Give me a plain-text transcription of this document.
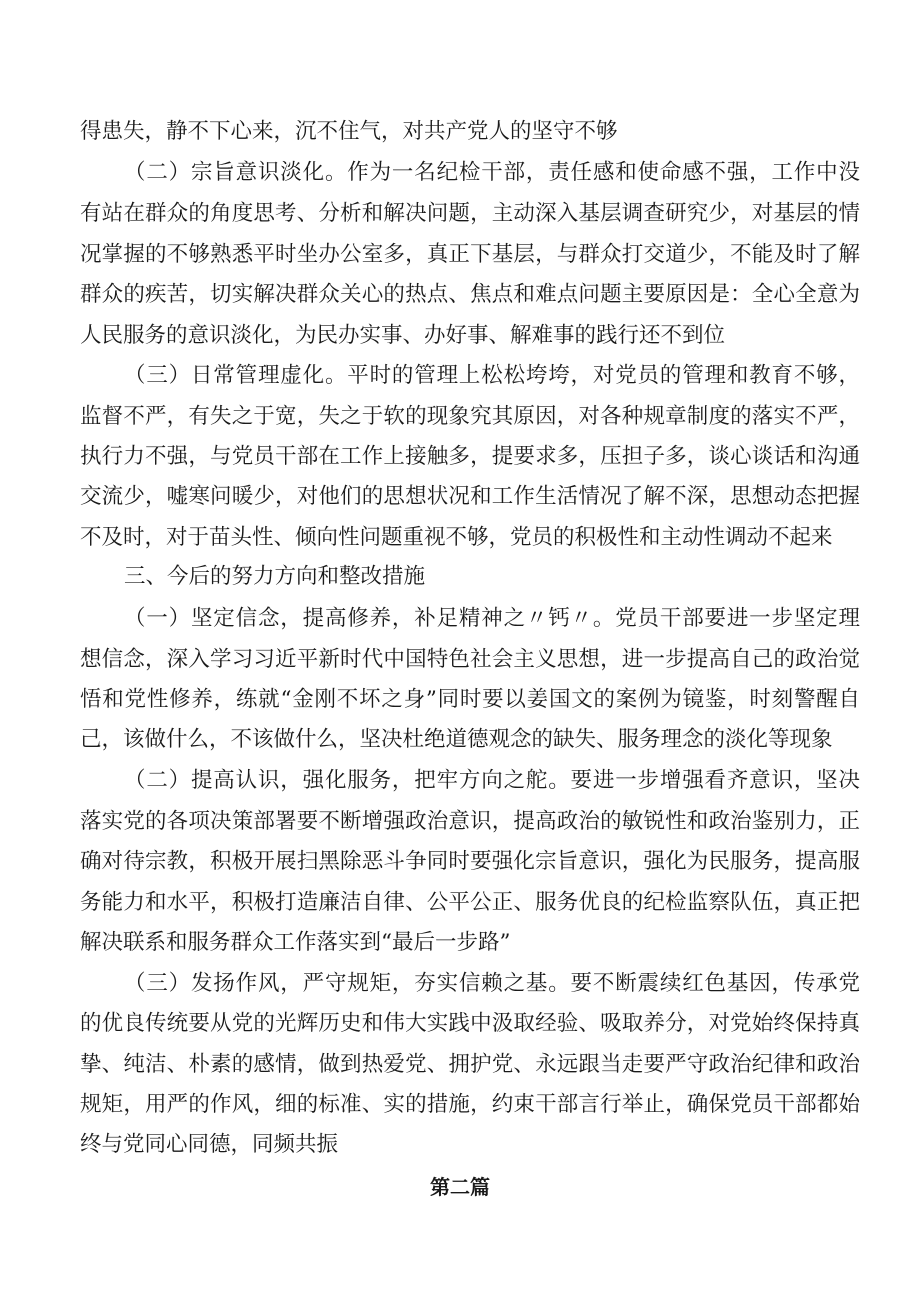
得患失，静不下心来，沉不住气，对共产党人的坚守不够
（二）宗旨意识淡化。作为一名纪检干部，责任感和使命感不强，工作中没
有站在群众的角度思考、分析和解决问题，主动深入基层调查研究少，对基层的情
况掌握的不够熟悉平时坐办公室多，真正下基层，与群众打交道少，不能及时了解
群众的疾苦，切实解决群众关心的热点、焦点和难点问题主要原因是：全心全意为
人民服务的意识淡化，为民办实事、办好事、解难事的践行还不到位
（三）日常管理虚化。平时的管理上松松垮垮，对党员的管理和教育不够，
监督不严，有失之于宽，失之于软的现象究其原因，对各种规章制度的落实不严，
执行力不强，与党员干部在工作上接触多，提要求多，压担子多，谈心谈话和沟通
交流少，嘘寒问暖少，对他们的思想状况和工作生活情况了解不深，思想动态把握
不及时，对于苗头性、倾向性问题重视不够，党员的积极性和主动性调动不起来
三、今后的努力方向和整改措施
（一）坚定信念，提高修养，补足精神之〃钙〃。党员干部要进一步坚定理
想信念，深入学习习近平新时代中国特色社会主义思想，进一步提高自己的政治觉
悟和党性修养，练就“金刚不坏之身”同时要以姜国文的案例为镜鉴，时刻警醒自
己，该做什么，不该做什么，坚决杜绝道德观念的缺失、服务理念的淡化等现象
（二）提高认识，强化服务，把牢方向之舵。要进一步增强看齐意识，坚决
落实党的各项决策部署要不断增强政治意识，提高政治的敏锐性和政治鉴别力，正
确对待宗教，积极开展扫黑除恶斗争同时要强化宗旨意识，强化为民服务，提高服
务能力和水平，积极打造廉洁自律、公平公正、服务优良的纪检监察队伍，真正把
解决联系和服务群众工作落实到“最后一步路”
（三）发扬作风，严守规矩，夯实信赖之基。要不断震续红色基因，传承党
的优良传统要从党的光辉历史和伟大实践中汲取经验、吸取养分，对党始终保持真
挚、纯洁、朴素的感情，做到热爱党、拥护党、永远跟当走要严守政治纪律和政治
规矩，用严的作风，细的标准、实的措施，约束干部言行举止，确保党员干部都始
终与党同心同德，同频共振
第二篇
